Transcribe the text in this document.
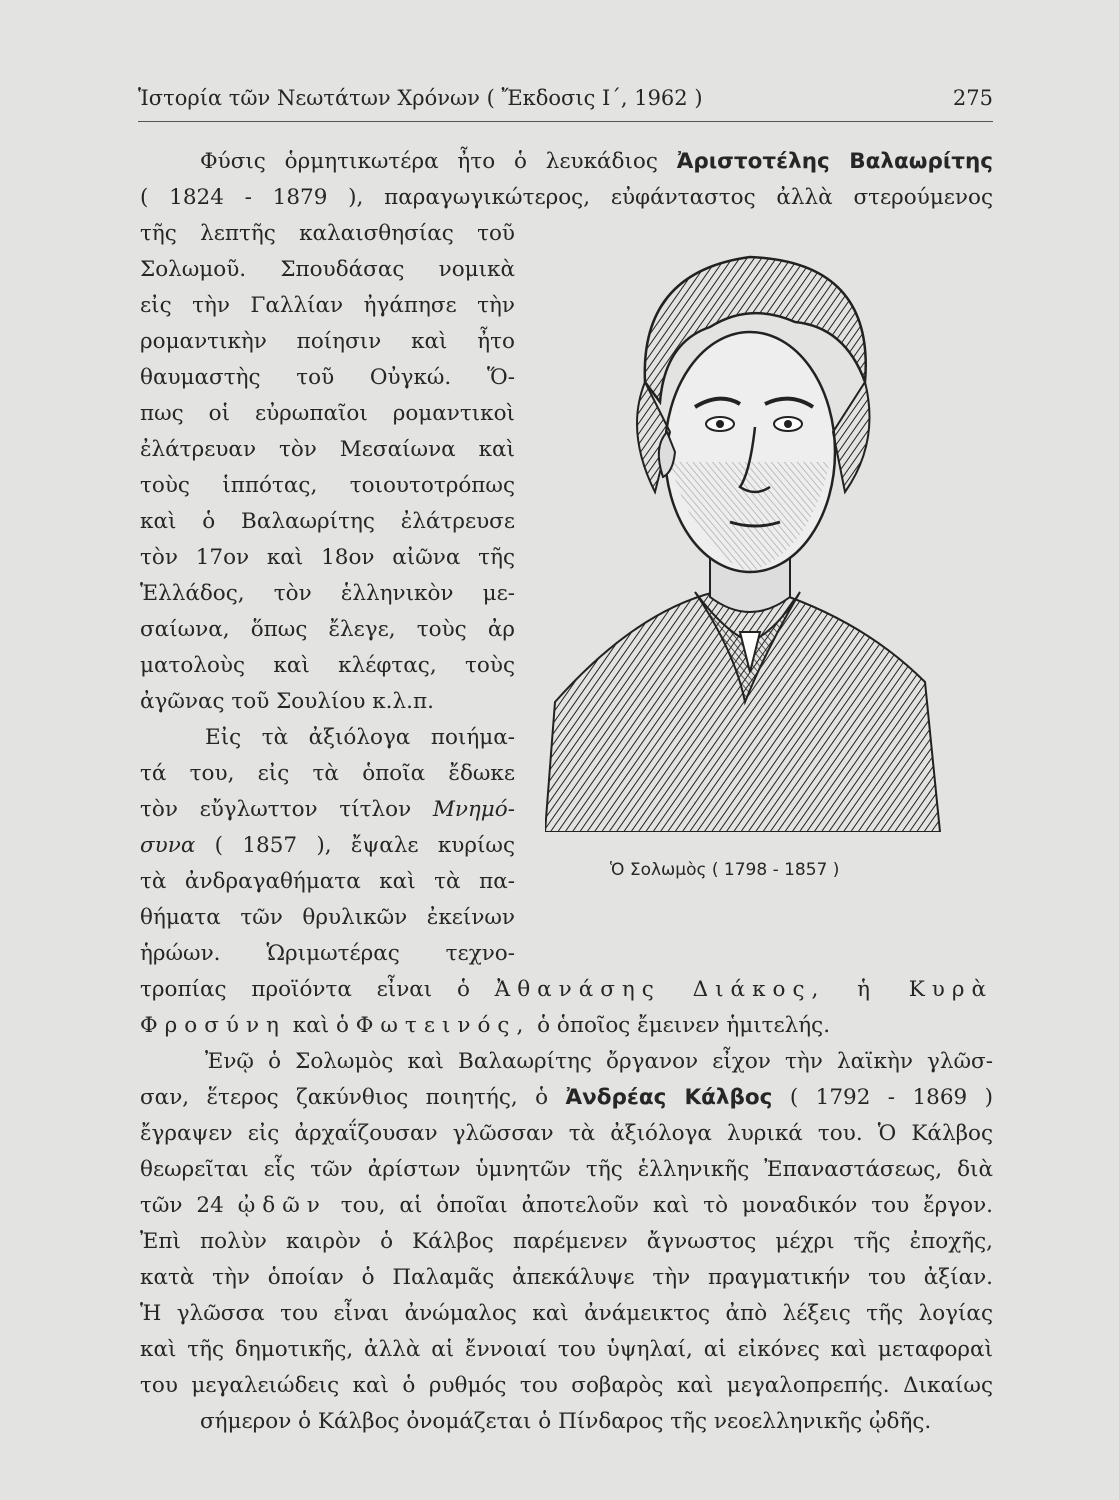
Ἱστορία τῶν Νεωτάτων Χρόνων ( Ἔκδοσις Ι΄, 1962 )	275
Φύσις ὁρμητικωτέρα ἦτο ὁ λευκάδιος Ἀριστοτέλης Βαλαωρίτης
( 1824 - 1879 ), παραγωγικώτερος, εὐφάνταστος ἀλλὰ στερούμενος
τῆς λεπτῆς καλαισθησίας τοῦ
Σολωμοῦ. Σπουδάσας νομικὰ
εἰς τὴν Γαλλίαν ἠγάπησε τὴν
ρομαντικὴν ποίησιν καὶ ἦτο
θαυμαστὴς τοῦ Οὐγκώ. Ὅ-
πως οἱ εὐρωπαῖοι ρομαντικοὶ
ἐλάτρευαν τὸν Μεσαίωνα καὶ
τοὺς ἱππότας, τοιουτοτρόπως
καὶ ὁ Βαλαωρίτης ἐλάτρευσε
τὸν 17ον καὶ 18ον αἰῶνα τῆς
Ἑλλάδος, τὸν ἑλληνικὸν με-
σαίωνα, ὅπως ἔλεγε, τοὺς ἀρ
ματολοὺς καὶ κλέφτας, τοὺς
ἀγῶνας τοῦ Σουλίου κ.λ.π.
Εἰς τὰ ἀξιόλογα ποιήμα-
τά του, εἰς τὰ ὁποῖα ἔδωκε
τὸν εὔγλωττον τίτλον Μνημό-
συνα ( 1857 ), ἔψαλε κυρίως
τὰ ἀνδραγαθήματα καὶ τὰ πα-
θήματα τῶν θρυλικῶν ἐκείνων
ἡρώων. Ὡριμωτέρας τεχνο-
τροπίας προϊόντα εἶναι ὁ Ἀθανάσης Διάκος, ἡ Κυρὰ
Φροσύνη καὶ ὁ Φωτεινός, ὁ ὁποῖος ἔμεινεν ἡμιτελής.
Ἐνῷ ὁ Σολωμὸς καὶ Βαλαωρίτης ὄργανον εἶχον τὴν λαϊκὴν γλῶσ-
σαν, ἕτερος ζακύνθιος ποιητής, ὁ Ἀνδρέας Κάλβος ( 1792 - 1869 )
ἔγραψεν εἰς ἀρχαΐζουσαν γλῶσσαν τὰ ἀξιόλογα λυρικά του. Ὁ Κάλβος
θεωρεῖται εἷς τῶν ἀρίστων ὑμνητῶν τῆς ἑλληνικῆς Ἐπαναστάσεως, διὰ
τῶν 24 ᾠδῶν του, αἱ ὁποῖαι ἀποτελοῦν καὶ τὸ μοναδικόν του ἔργον.
Ἐπὶ πολὺν καιρὸν ὁ Κάλβος παρέμενεν ἄγνωστος μέχρι τῆς ἐποχῆς,
κατὰ τὴν ὁποίαν ὁ Παλαμᾶς ἀπεκάλυψε τὴν πραγματικήν του ἀξίαν.
Ἡ γλῶσσα του εἶναι ἀνώμαλος καὶ ἀνάμεικτος ἀπὸ λέξεις τῆς λογίας
καὶ τῆς δημοτικῆς, ἀλλὰ αἱ ἔννοιαί του ὑψηλαί, αἱ εἰκόνες καὶ μεταφοραὶ
του μεγαλειώδεις καὶ ὁ ρυθμός του σοβαρὸς καὶ μεγαλοπρεπής. Δικαίως
σήμερον ὁ Κάλβος ὀνομάζεται ὁ Πίνδαρος τῆς νεοελληνικῆς ᾠδῆς.
Ὁ Σολωμὸς ( 1798 - 1857 )
